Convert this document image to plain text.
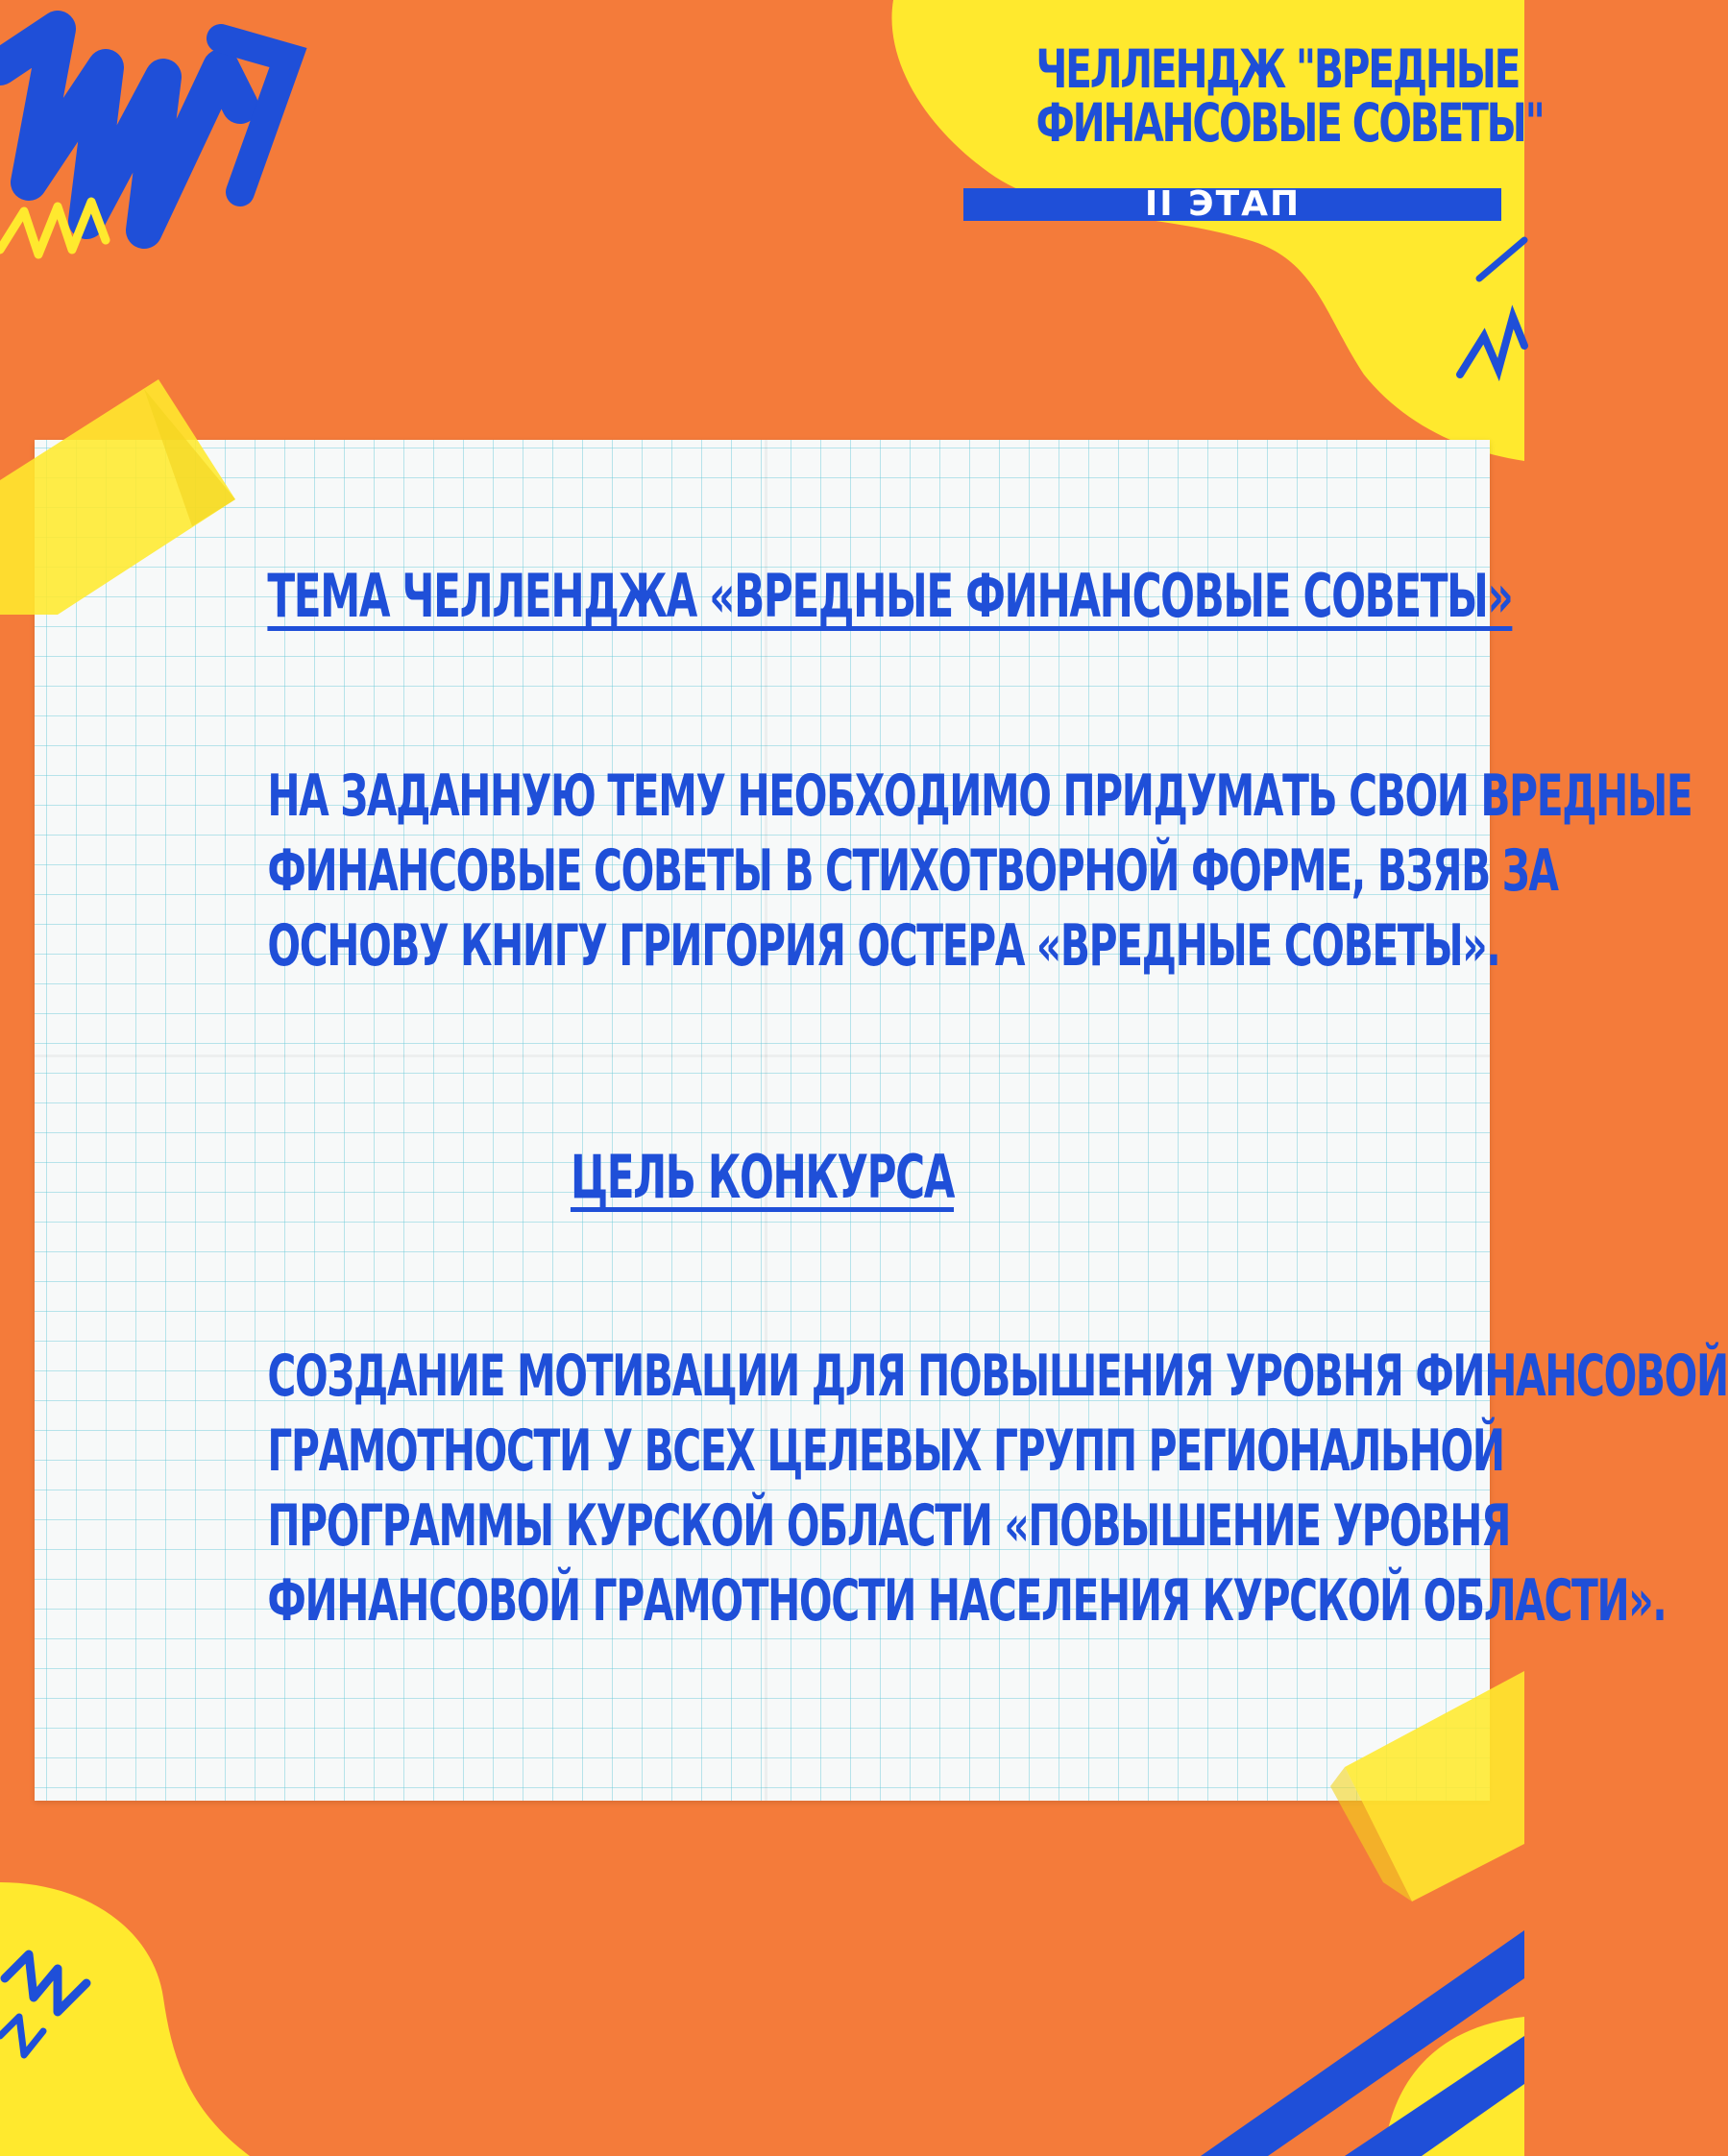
ЧЕЛЛЕНДЖ "ВРЕДНЫЕ
ФИНАНСОВЫЕ СОВЕТЫ"
II ЭТАП
ТЕМА ЧЕЛЛЕНДЖА «ВРЕДНЫЕ ФИНАНСОВЫЕ СОВЕТЫ»
НА ЗАДАННУЮ ТЕМУ НЕОБХОДИМО ПРИДУМАТЬ СВОИ ВРЕДНЫЕ
ФИНАНСОВЫЕ СОВЕТЫ В СТИХОТВОРНОЙ ФОРМЕ, ВЗЯВ ЗА
ОСНОВУ КНИГУ ГРИГОРИЯ ОСТЕРА «ВРЕДНЫЕ СОВЕТЫ».
ЦЕЛЬ КОНКУРСА
СОЗДАНИЕ МОТИВАЦИИ ДЛЯ ПОВЫШЕНИЯ УРОВНЯ ФИНАНСОВОЙ
ГРАМОТНОСТИ У ВСЕХ ЦЕЛЕВЫХ ГРУПП РЕГИОНАЛЬНОЙ
ПРОГРАММЫ КУРСКОЙ ОБЛАСТИ «ПОВЫШЕНИЕ УРОВНЯ
ФИНАНСОВОЙ ГРАМОТНОСТИ НАСЕЛЕНИЯ КУРСКОЙ ОБЛАСТИ».
